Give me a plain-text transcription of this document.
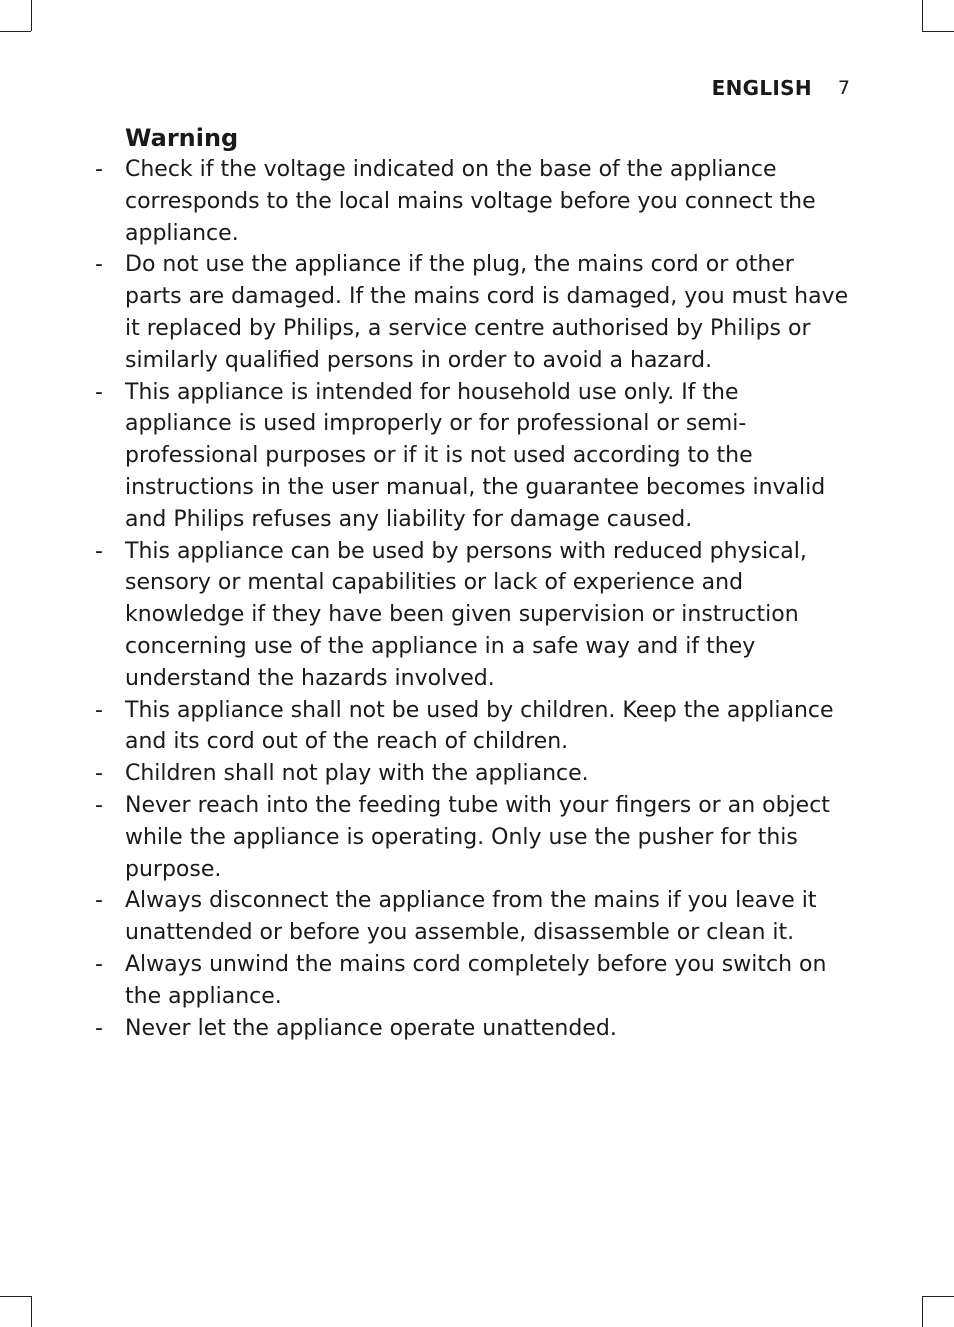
ENGLISH 7
Warning
- Check if the voltage indicated on the base of the appliance corresponds to the local mains voltage before you connect the appliance.
- Do not use the appliance if the plug, the mains cord or other parts are damaged. If the mains cord is damaged, you must have it replaced by Philips, a service centre authorised by Philips or similarly qualified persons in order to avoid a hazard.
- This appliance is intended for household use only. If the appliance is used improperly or for professional or semi-professional purposes or if it is not used according to the instructions in the user manual, the guarantee becomes invalid and Philips refuses any liability for damage caused.
- This appliance can be used by persons with reduced physical, sensory or mental capabilities or lack of experience and knowledge if they have been given supervision or instruction concerning use of the appliance in a safe way and if they understand the hazards involved.
- This appliance shall not be used by children. Keep the appliance and its cord out of the reach of children.
- Children shall not play with the appliance.
- Never reach into the feeding tube with your fingers or an object while the appliance is operating. Only use the pusher for this purpose.
- Always disconnect the appliance from the mains if you leave it unattended or before you assemble, disassemble or clean it.
- Always unwind the mains cord completely before you switch on the appliance.
- Never let the appliance operate unattended.
